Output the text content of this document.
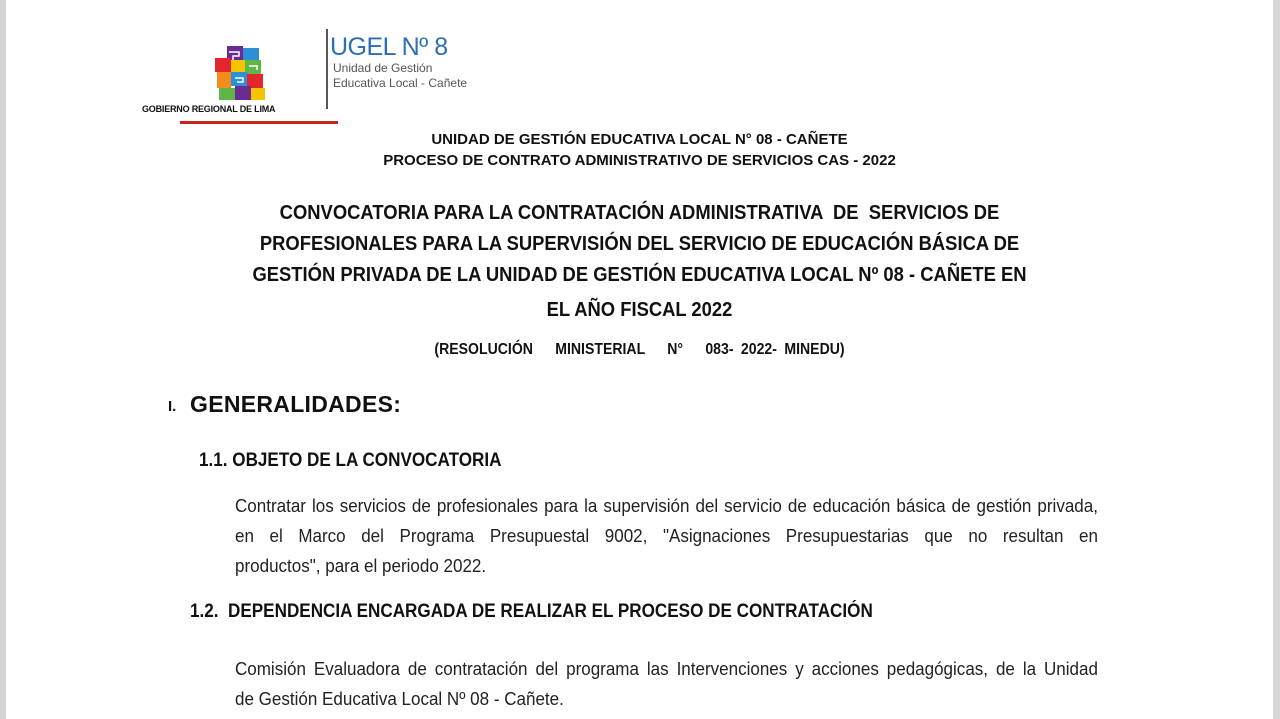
GOBIERNO REGIONAL DE LIMA
UGEL Nº 8
Unidad de Gestión
Educativa Local - Cañete
UNIDAD DE GESTIÓN EDUCATIVA LOCAL N° 08 - CAÑETE
PROCESO DE CONTRATO ADMINISTRATIVO DE SERVICIOS CAS - 2022
CONVOCATORIA PARA LA CONTRATACIÓN ADMINISTRATIVA  DE  SERVICIOS DE
PROFESIONALES PARA LA SUPERVISIÓN DEL SERVICIO DE EDUCACIÓN BÁSICA DE
GESTIÓN PRIVADA DE LA UNIDAD DE GESTIÓN EDUCATIVA LOCAL Nº 08 - CAÑETE EN
EL AÑO FISCAL 2022
(RESOLUCIÓN   MINISTERIAL   N°   083- 2022- MINEDU)
I. GENERALIDADES:
1.1. OBJETO DE LA CONVOCATORIA
Contratar los servicios de profesionales para la supervisión del servicio de educación básica de gestión privada,
en el Marco del Programa Presupuestal 9002, "Asignaciones Presupuestarias que no resultan en
productos", para el periodo 2022.
1.2.  DEPENDENCIA ENCARGADA DE REALIZAR EL PROCESO DE CONTRATACIÓN
Comisión Evaluadora de contratación del programa las Intervenciones y acciones pedagógicas, de la Unidad
de Gestión Educativa Local Nº 08 - Cañete.
